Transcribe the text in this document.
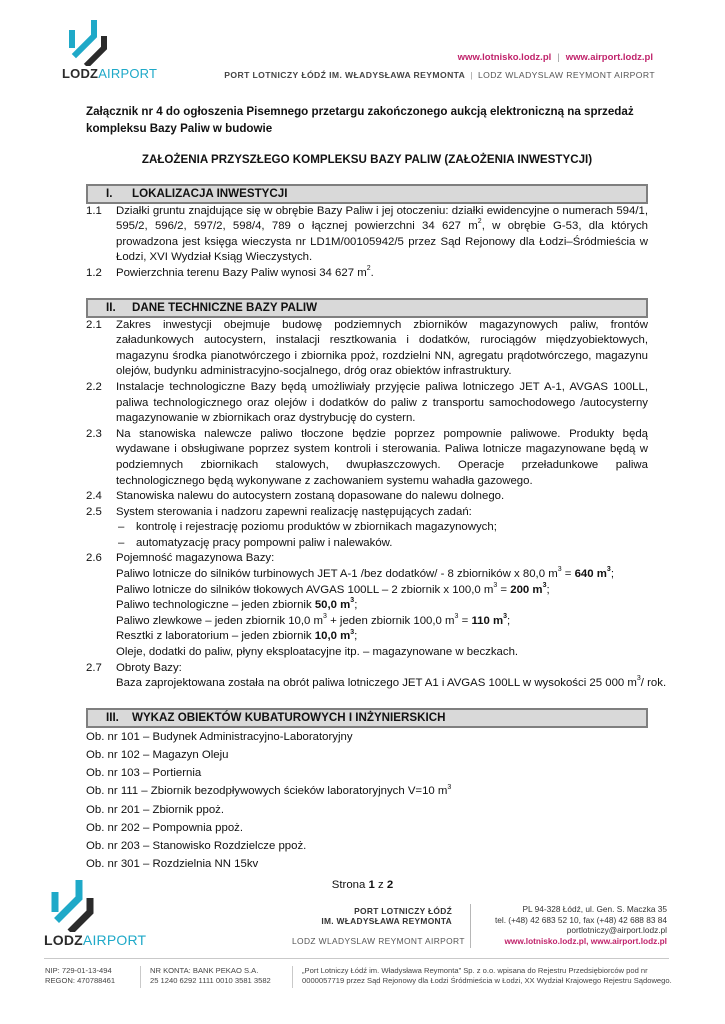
LODZAIRPORT
www.lotnisko.lodz.pl | www.airport.lodz.pl
PORT LOTNICZY ŁÓDŹ IM. WŁADYSŁAWA REYMONTA | LODZ WLADYSLAW REYMONT AIRPORT
Załącznik nr 4 do ogłoszenia Pisemnego przetargu zakończonego aukcją elektroniczną na sprzedaż
kompleksu Bazy Paliw w budowie
ZAŁOŻENIA PRZYSZŁEGO KOMPLEKSU BAZY PALIW (ZAŁOŻENIA INWESTYCJI)
I. LOKALIZACJA INWESTYCJI
1.1 Działki gruntu znajdujące się w obrębie Bazy Paliw i jej otoczeniu: działki ewidencyjne o numerach 594/1, 595/2, 596/2, 597/2, 598/4, 789 o łącznej powierzchni 34 627 $m^2$, w obrębie G-53, dla których prowadzona jest księga wieczysta nr LD1M/00105942/5 przez Sąd Rejonowy dla Łodzi–Śródmieścia w Łodzi, XVI Wydział Ksiąg Wieczystych.

1.2 Powierzchnia terenu Bazy Paliw wynosi 34 627 $m^2$.

II. DANE TECHNICZNE BAZY PALIW
2.1 Zakres inwestycji obejmuje budowę podziemnych zbiorników magazynowych paliw, frontów załadunkowych autocystern, instalacji resztkowania i dodatków, rurociągów międzyobiektowych, magazynu środka pianotwórczego i zbiornika ppoż, rozdzielni NN, agregatu prądotwórczego, magazynu olejów, budynku administracyjno-socjalnego, dróg oraz obiektów infrastruktury.

2.2 Instalacje technologiczne Bazy będą umożliwiały przyjęcie paliwa lotniczego JET A-1, AVGAS 100LL, paliwa technologicznego oraz olejów i dodatków do paliw z transportu samochodowego /autocysterny magazynowanie w zbiornikach oraz dystrybucję do cystern.

2.3 Na stanowiska nalewcze paliwo tłoczone będzie poprzez pompownie paliwowe. Produkty będą wydawane i obsługiwane poprzez system kontroli i sterowania. Paliwa lotnicze magazynowane będą w podziemnych zbiornikach stalowych, dwupłaszczowych. Operacje przeładunkowe paliwa technologicznego będą wykonywane z zachowaniem systemu wahadła gazowego.

2.4 Stanowiska nalewu do autocystern zostaną dopasowane do nalewu dolnego.

2.5 System sterowania i nadzoru zapewni realizację następujących zadań:

– kontrolę i rejestrację poziomu produktów w zbiornikach magazynowych;
– automatyzację pracy pompowni paliw i nalewaków.
2.6 Pojemność magazynowa Bazy:

Paliwo lotnicze do silników turbinowych JET A-1 /bez dodatków/ - 8 zbiorników x 80,0 $m^3 = 640$ $m^3$;
Paliwo lotnicze do silników tłokowych AVGAS 100LL – 2 zbiornik x 100,0 $m^3 = 200$ $m^3$;
Paliwo technologiczne – jeden zbiornik 50,0 $m^3$;
Paliwo zlewkowe – jeden zbiornik 10,0 $m^3$ + jeden zbiornik 100,0 $m^3 = 110$ $m^3$;
Resztki z laboratorium – jeden zbiornik 10,0 $m^3$;
Oleje, dodatki do paliw, płyny eksploatacyjne itp. – magazynowane w beczkach.
2.7 Obroty Bazy:

Baza zaprojektowana została na obrót paliwa lotniczego JET A1 i AVGAS 100LL w wysokości 25 000 $m^3/$ rok.
III. WYKAZ OBIEKTÓW KUBATUROWYCH I INŻYNIERSKICH
Ob. nr 101 – Budynek Administracyjno-Laboratoryjny
Ob. nr 102 – Magazyn Oleju
Ob. nr 103 – Portiernia
Ob. nr 111 – Zbiornik bezodpływowych ścieków laboratoryjnych V=10 $m^3$
Ob. nr 201 – Zbiornik ppoż.
Ob. nr 202 – Pompownia ppoż.
Ob. nr 203 – Stanowisko Rozdzielcze ppoż.
Ob. nr 301 – Rozdzielnia NN 15kv
Strona 1 z 2
LODZAIRPORT
PORT LOTNICZY ŁÓDŹ
IM. WŁADYSŁAWA REYMONTA
LODZ WLADYSLAW REYMONT AIRPORT
PL 94-328 Łódź, ul. Gen. S. Maczka 35
tel. (+48) 42 683 52 10, fax (+48) 42 688 83 84
portlotniczy@airport.lodz.pl
www.lotnisko.lodz.pl, www.airport.lodz.pl
NIP: 729-01-13-494
REGON: 470788461
NR KONTA: BANK PEKAO S.A.
25 1240 6292 1111 0010 3581 3582
„Port Lotniczy Łódź im. Władysława Reymonta” Sp. z o.o. wpisana do Rejestru Przedsiębiorców pod nr
0000057719 przez Sąd Rejonowy dla Łodzi Śródmieścia w Łodzi, XX Wydział Krajowego Rejestru Sądowego.
